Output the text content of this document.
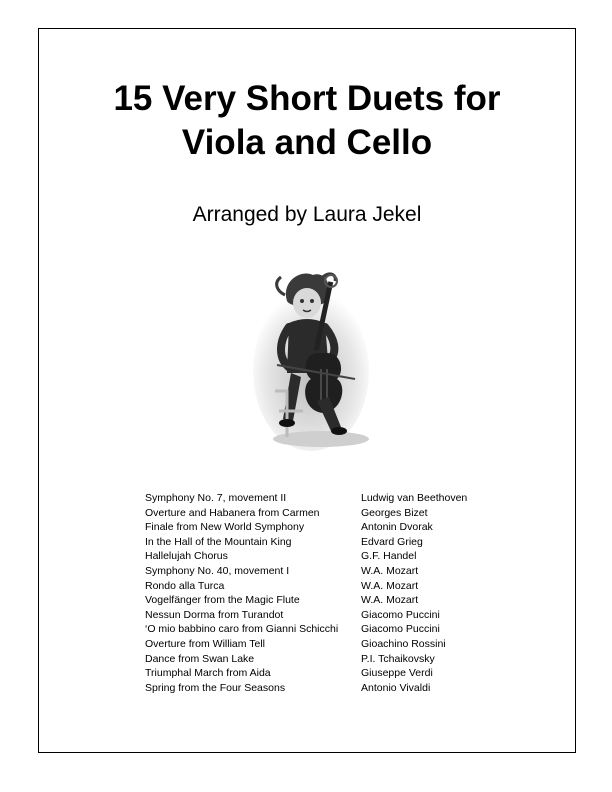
15 Very Short Duets for
Viola and Cello
Arranged by Laura Jekel
Symphony No. 7, movement II	Ludwig van Beethoven
Overture and Habanera from Carmen	Georges Bizet
Finale from New World Symphony	Antonin Dvorak
In the Hall of the Mountain King	Edvard Grieg
Hallelujah Chorus	G.F. Handel
Symphony No. 40, movement I	W.A. Mozart
Rondo alla Turca	W.A. Mozart
Vogelfänger from the Magic Flute	W.A. Mozart
Nessun Dorma from Turandot	Giacomo Puccini
‘O mio babbino caro from Gianni Schicchi	Giacomo Puccini
Overture from William Tell	Gioachino Rossini
Dance from Swan Lake	P.I. Tchaikovsky
Triumphal March from Aida	Giuseppe Verdi
Spring from the Four Seasons	Antonio Vivaldi
